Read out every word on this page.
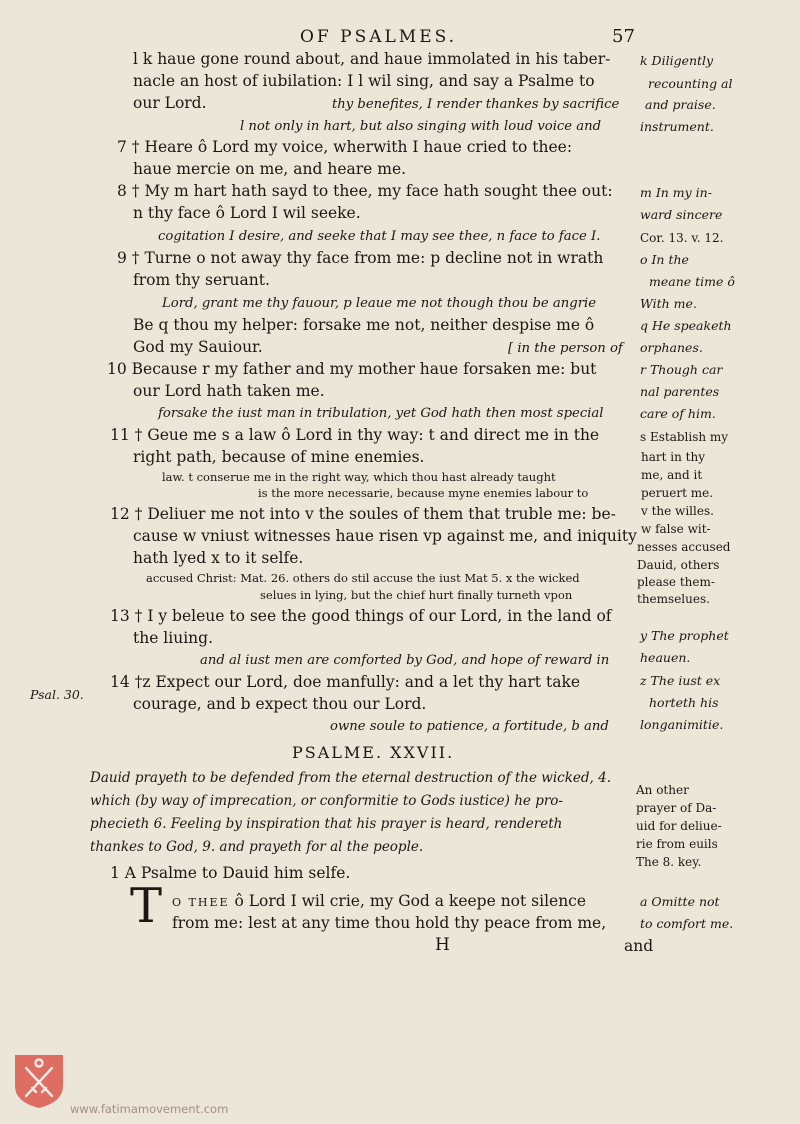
OF PSALMES.	57
l k haue gone round about, and haue immolated in his taber-
nacle an host of iubilation: I l wil sing, and say a Psalme to
our Lord.	thy benefites, I render thankes by sacrifice
l not only in hart, but also singing with loud voice and
7 † Heare ô Lord my voice, wherwith I haue cried to thee:
haue mercie on me, and heare me.
8 † My m hart hath sayd to thee, my face hath sought thee out:
n thy face ô Lord I wil seeke.
cogitation I desire, and seeke that I may see thee, n face to face I.
9 † Turne o not away thy face from me: p decline not in wrath
from thy seruant.
Lord, grant me thy fauour, p leaue me not though thou be angrie
Be q thou my helper: forsake me not, neither despise me ô
God my Sauiour.	[ in the person of
10 Because r my father and my mother haue forsaken me: but
our Lord hath taken me.
forsake the iust man in tribulation, yet God hath then most special
11 † Geue me s a law ô Lord in thy way: t and direct me in the
right path, because of mine enemies.
law. t conserue me in the right way, which thou hast already taught
is the more necessarie, because myne enemies labour to
12 † Deliuer me not into v the soules of them that truble me: be-
cause w vniust witnesses haue risen vp against me, and iniquity
hath lyed x to it selfe.
accused Christ: Mat. 26. others do stil accuse the iust Mat 5. x the wicked
selues in lying, but the chief hurt finally turneth vpon
13 † I y beleue to see the good things of our Lord, in the land of
the liuing.
and al iust men are comforted by God, and hope of reward in
14 †z Expect our Lord, doe manfully: and a let thy hart take
courage, and b expect thou our Lord.
owne soule to patience, a fortitude, b and
k Diligently
recounting al
and praise.
instrument.
m In my in-
ward sincere
Cor. 13. v. 12.
o In the
meane time ô
With me.
q He speaketh
orphanes.
r Though car
nal parentes
care of him.
s Establish my
hart in thy
me, and it
peruert me.
v the willes.
w false wit-
nesses accused
Dauid, others
please them-
themselues.
y The prophet
heauen.
z The iust ex
horteth his
longanimitie.
Psal. 30.
PSALME. XXVII.
Dauid prayeth to be defended from the eternal destruction of the wicked, 4.
which (by way of imprecation, or conformitie to Gods iustice) he pro-
phecieth 6. Feeling by inspiration that his prayer is heard, rendereth
thankes to God, 9. and prayeth for al the people.
An other
prayer of Da-
uid for deliue-
rie from euils
The 8. key.
1 A Psalme to Dauid him selfe.
T O THEE ô Lord I wil crie, my God a keepe not silence
from me: lest at any time thou hold thy peace from me,
a Omitte not
to comfort me.
H	and
www.fatimamovement.com
